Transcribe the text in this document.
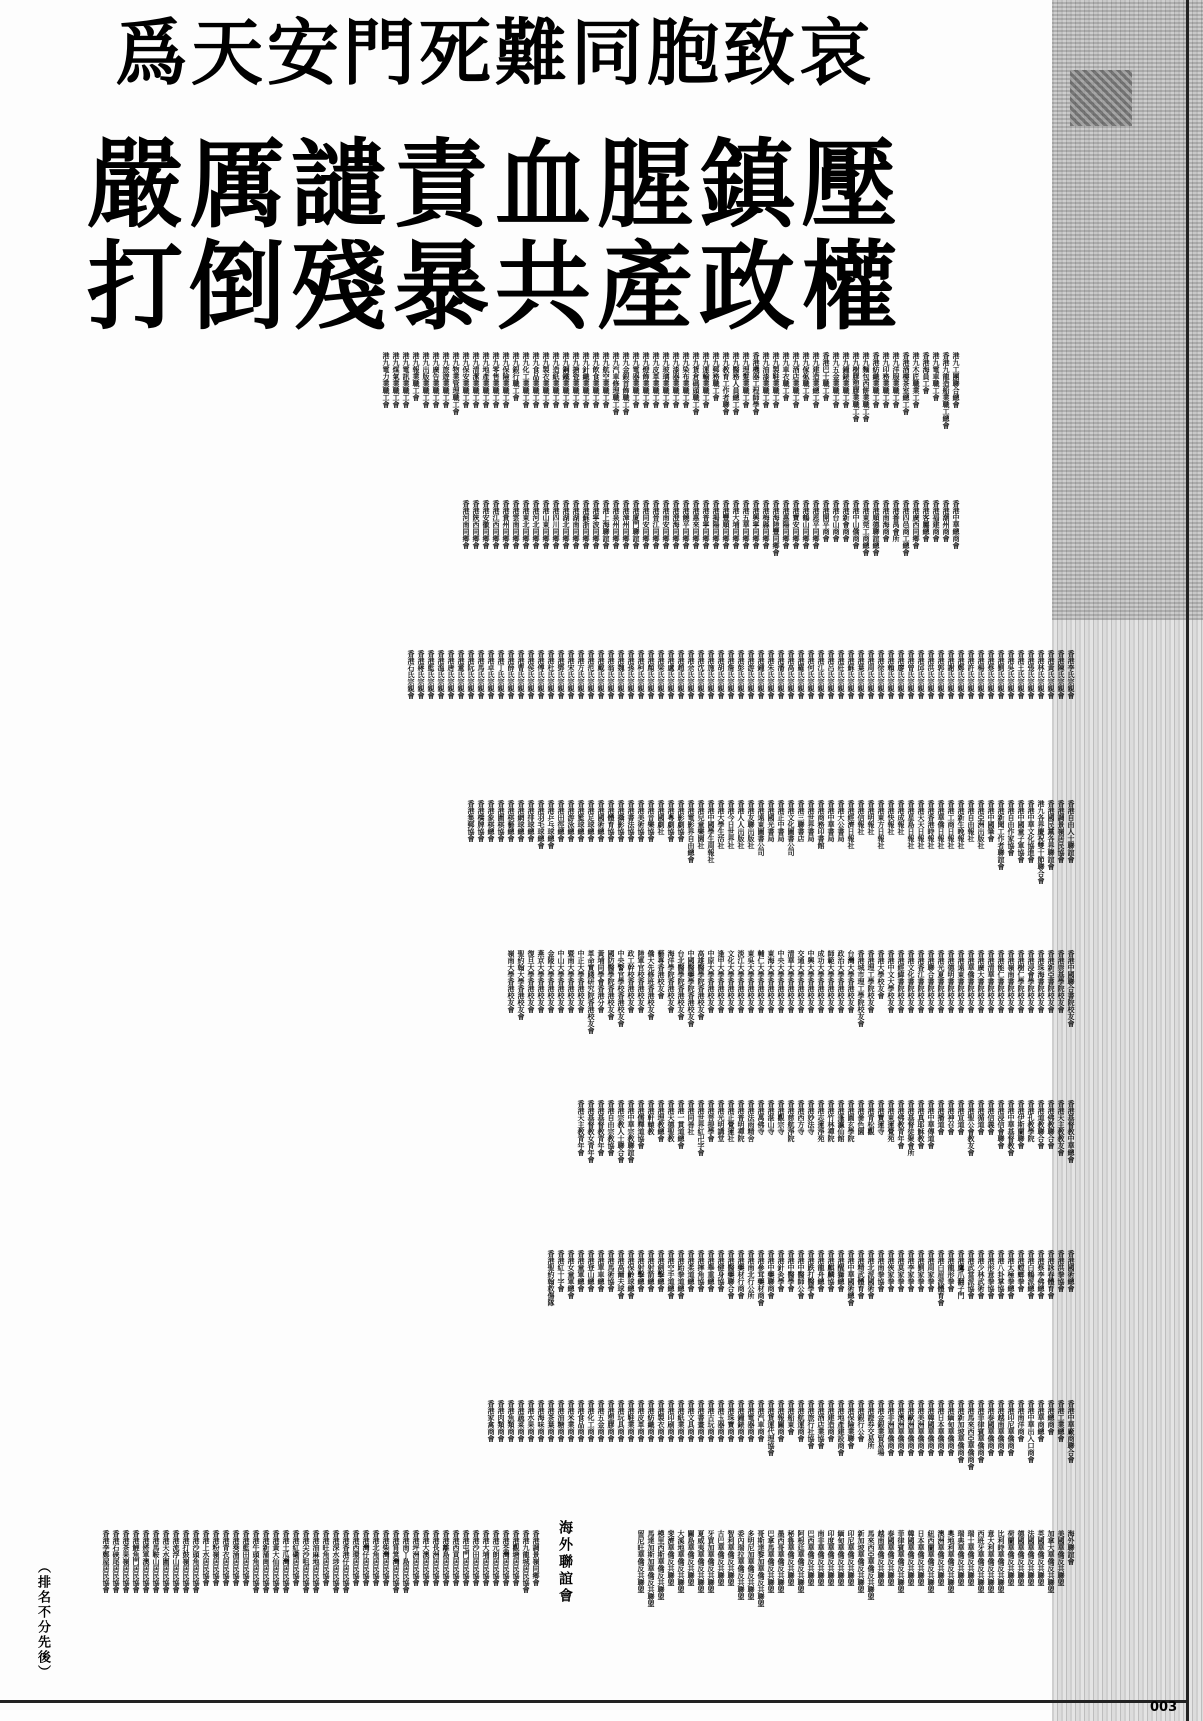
爲天安門死難同胞致哀
嚴厲譴責血腥鎮壓
打倒殘暴共產政權
港九工團聯合總會
香港九龍造船業職工總會
港九電車職工會
香港海員工會
港九木匠職業工會
香港酒樓茶室總工會
港九洋服業職工會
港九印務業職工會
香港紡織業職工會
港九麵包西餅業職工會
港九樹膠塑膠業職工會
港九鐘錶業職工會
港九五金業職工會
香港巴士職工會
港九建造業總工會
港九傢俬職工會
港九酒店業職工會
港九車衣職工會
港九製鞋業職工會
港九油漆業職工會
香港機器工程師學會
港九理髮業職工會
港九醫務人員總工會
港九教育工作者聯會
港九郵務職工會
港九運輸業職工會
港九貨倉碼頭職工會
港九染布業職工會
港九漆器業職工會
港九玻璃業職工會
港九皮革業職工會
港九燈飾業職工會
港九電器業職工會
港九金銀首飾職工會
港九汽車修理職工會
港九航空業職工會
港九飲食業職工會
港九針織業職工會
港九搪瓷業職工會
港九鋼鐵業職工會
港九造紙業職工會
港九製衣業職工會
港九食品業職工會
港九化工業職工會
港九銀行職工會
港九保險業職工會
港九零售業職工會
港九地產業職工會
港九清潔業職工會
港九保安業職工會
港九物業管理職工會
港九旅遊業職工會
港九廣告業職工會
港九出版業職工會
港九報業職工會
港九電訊業職工會
港九煤氣業職工會
港九電力業職工會
香港中華總商會
香港潮州商會
香港福建商會
香港客屬總會
香港廣西同鄉會
香港四邑商工總會
香港番禺會所
香港南海商會
香港順德聯誼總會
香港東莞工商總會
香港中山僑商會
香港新會商會
香港台山商會
香港開平商會
香港恩平同鄉會
香港鶴山同鄉會
香港寶安同鄉會
香港惠陽同鄉會
香港海陸豐同鄉會
香港梅縣同鄉會
香港興寧同鄉會
香港五華同鄉會
香港大埔同鄉會
香港豐順同鄉會
香港揭陽同鄉會
香港普寧同鄉會
香港惠來同鄉會
香港饒平同鄉會
香港澄海同鄉會
香港南安同鄉會
香港晉江同鄉會
香港同安同鄉會
香港廈門聯誼會
香港漳州同鄉會
香港泉州同鄉會
香港上海聯誼會
香港寧波同鄉會
香港蘇浙同鄉會
香港湖南同鄉會
香港湖北同鄉會
香港四川同鄉會
香港山東同鄉會
香港河北同鄉會
香港東北同鄉會
香港雲南同鄉會
香港貴州同鄉會
香港江西同鄉會
香港安徽同鄉會
香港陝西同鄉會
香港河南同鄉會
香港李氏宗親會
香港陳氏宗親會
香港黃氏宗親會
香港林氏宗親會
香港張氏宗親會
香港王氏宗親會
香港吳氏宗親會
香港劉氏宗親會
香港蔡氏宗親會
香港楊氏宗親會
香港許氏宗親會
香港鄭氏宗親會
香港謝氏宗親會
香港郭氏宗親會
香港洪氏宗親會
香港邱氏宗親會
香港曾氏宗親會
香港廖氏宗親會
香港賴氏宗親會
香港徐氏宗親會
香港周氏宗親會
香港葉氏宗親會
香港蘇氏宗親會
香港莊氏宗親會
香港呂氏宗親會
香港江氏宗親會
香港何氏宗親會
香港羅氏宗親會
香港高氏宗親會
香港潘氏宗親會
香港朱氏宗親會
香港鍾氏宗親會
香港游氏宗親會
香港彭氏宗親會
香港詹氏宗親會
香港胡氏宗親會
香港施氏宗親會
香港沈氏宗親會
香港余氏宗親會
香港趙氏宗親會
香港盧氏宗親會
香港梁氏宗親會
香港顏氏宗親會
香港柯氏宗親會
香港孫氏宗親會
香港魏氏宗親會
香港翁氏宗親會
香港戴氏宗親會
香港范氏宗親會
香港方氏宗親會
香港宋氏宗親會
香港鄧氏宗親會
香港杜氏宗親會
香港傅氏宗親會
香港侯氏宗親會
香港曹氏宗親會
香港薛氏宗親會
香港丁氏宗親會
香港卓氏宗親會
香港馬氏宗親會
香港阮氏宗親會
香港董氏宗親會
香港唐氏宗親會
香港溫氏宗親會
香港藍氏宗親會
香港蔣氏宗親會
香港石氏宗親會
香港自由人士聯誼會
香港調景嶺居民協會
香港國民黨各界聯誼會
港九各界慶祝雙十節聯合會
香港中華文化協進會
香港中國童子軍協會
香港自由作家協會
香港新聞工作者聯誼會
香港中國筆會
香港亞洲出版社
香港自由報社
香港新生晚報社
香港工商日報社
香港華僑日報社
香港香港時報社
香港天天日報社
香港星島日報社
香港成報社
香港快報社
香港東方日報社
香港明報社
香港信報社
香港經濟日報社
香港大公書局
香港中華書局
香港商務印書館
香港世界書局
香港三聯書店
香港文化圖書公司
香港正中書局
香港國光書局
香港遠東圖書公司
香港友聯出版社
香港人人出版社
香港今日世界社
香港大學生活社
香港中國學生周報社
香港兒童樂園社
香港電影界自由總會
香港影劇協會
香港粵劇協會
香港國劇社
香港音樂協會
香港美術協會
香港書法協會
香港攝影協會
香港體育協會
香港國術總會
香港足球總會
香港籃球總會
香港游泳總會
香港田徑總會
香港乒乓球總會
香港羽毛球總會
香港排球總會
香港網球總會
香港棋藝總會
香港圍棋協會
香港象棋總會
香港橋牌協會
香港集郵協會
香港中國聯合書院校友會
香港崇基學院校友會
香港新亞書院校友會
香港珠海書院校友會
香港浸會學院校友會
香港樹仁學院校友會
香港嶺南書院校友會
香港能仁書院校友會
香港清華書院校友會
香港廣大書院校友會
香港華僑書院校友會
香港遠東書院校友會
香港德明書院校友會
香港光夏書院校友會
香港聯合書院校友會
香港香江書院校友會
香港文化書院校友會
香港經緯書院校友會
香港中文大學校友會
香港大學校友會
香港理工學院校友會
香港城市理工學院校友會
台灣大學香港校友會
政治大學香港校友會
師範大學香港校友會
成功大學香港校友會
中興大學香港校友會
交通大學香港校友會
清華大學香港校友會
中央大學香港校友會
東海大學香港校友會
輔仁大學香港校友會
東吳大學香港校友會
淡江大學香港校友會
文化大學香港校友會
逢甲大學香港校友會
中原大學香港校友會
高雄醫學院香港校友會
中國醫藥學院香港校友會
台北醫學院香港校友會
海洋學院香港校友會
藝專香港校友會
僑大先修班香港校友會
陸軍官校香港校友會
政工幹校香港校友會
中央警官學校香港校友會
國防醫學院香港校友會
黃埔同學會香港分會
革命實踐研究院香港校友會
中正大學香港校友會
暨南大學香港校友會
中山大學香港校友會
金陵大學香港校友會
燕京大學香港校友會
復旦大學香港校友會
聖約翰大學香港校友會
嶺南大學香港校友會
香港基督教中華總會
香港天主教教友會
香港佛教聯合會
香港道教聯合會
香港孔教學院
香港伊斯蘭聯會
香港中華基督教會
香港浸信會聯會
香港信義會
香港循道會
香港聖公會教友會
香港宣道會
香港神召會
香港播道會
香港中華傳道會
香港真耶穌教會
香港基督徒聚會所
香港佛教青年會
香港東蓮覺苑
香港寶蓮寺
香港青松觀
香港嗇色園
香港圓玄學院
香港蓬瀛仙館
香港竹林禪院
香港志蓮淨苑
香港妙法寺
香港西方寺
香港慈航淨院
香港觀宗寺
香港湛山寺
香港萬佛寺
香港法雨精舍
香港普明禪院
香港正覺蓮社
香港光明講堂
香港菩提學會
香港世界紅卍字會
香港同善社
香港一貫道總會
香港天德聖教
香港理教總會
香港軒轅教
香港儒釋道協會
香港中華宗教聯誼會
香港宗教人士聯合會
香港自由宗教協會
香港基督教青年會
香港基督教女青年會
香港天主教青年會
香港國術總會
香港洪拳協會
香港詠春體育會
香港蔡李佛總會
香港白鶴派總會
香港螳螂拳會
香港太極拳總會
香港八卦掌協會
香港形意拳協會
香港少林武術會
香港武當派協會
香港鷹爪翻子門
香港龍形拳會
香港白眉派體育會
香港周家拳會
香港劉家拳會
香港李家拳會
香港莫家拳會
香港俠家拳會
香港南拳協會
香港北派國術會
香港精武體育會
香港中華國術總會
香港醒獅總會
香港麒麟協會
香港龍舟總會
香港跌打醫學會
香港中醫師公會
香港中醫學會
香港針灸學會
香港中藥聯商會
香港參茸藥材商會
香港南北行公所
香港藥材行商會
香港醫藥聯合會
香港健身協會
香港舉重總會
香港摔角協會
香港柔道總會
香港跆拳道總會
香港空手道總會
香港劍擊總會
香港射箭總會
香港射擊總會
香港保齡球總會
香港高爾夫球會
香港馬術協會
香港單車總會
香港登山總會
香港童軍總會
香港女童軍總會
香港紅十字會
香港聖約翰救傷隊
香港中華廠商聯合會
香港工業總會
香港總商會
香港華商總會
香港中華出入口商會
香港南洋商會
香港印尼華僑商會
香港越南華僑商會
香港泰國華僑商會
香港菲律賓華僑商會
香港馬來西亞華僑商會
香港新加坡華僑商會
香港緬甸華僑商會
香港日本華僑商會
香港韓國華僑商會
香港美洲華僑商會
香港歐洲華僑商會
香港澳洲華僑商會
香港非洲華僑商會
香港金銀業貿易場
香港證券交易所
香港銀行公會
香港保險業聯會
香港地產建設商會
香港建造商會
香港酒店業協會
香港旅行社協會
香港航運商會
香港船東會
香港報關商會
香港貨運代理協會
香港汽車商會
香港電器商會
香港鐘錶商會
香港珠寶商會
香港玉器商會
香港古玩商會
香港書畫商會
香港文具商會
香港紙業商會
香港印刷商會
香港製衣商會
香港紡織商會
香港皮革商會
香港鞋業商會
香港玩具商會
香港塑膠商會
香港五金商會
香港化工商會
香港食品商會
香港米業商會
香港油糖商會
香港茶葉商會
香港海味商會
香港水果商會
香港蔬菜商會
香港魚類商會
香港肉類商會
香港家禽商會
海外聯誼會
美國華僑反共聯盟
加拿大華僑反共聯盟
英國華僑反共聯盟
法國華僑反共聯盟
德國華僑反共聯盟
荷蘭華僑反共聯盟
比利時華僑反共聯盟
意大利華僑反共聯盟
西班牙華僑反共聯盟
瑞士華僑反共聯盟
瑞典華僑反共聯盟
奧地利華僑反共聯盟
澳洲華僑反共聯盟
紐西蘭華僑反共聯盟
日本華僑反共聯盟
韓國華僑反共聯盟
菲律賓華僑反共聯盟
泰國華僑反共聯盟
越南華僑反共聯盟
馬來西亞華僑反共聯盟
新加坡華僑反共聯盟
印尼華僑反共聯盟
緬甸華僑反共聯盟
印度華僑反共聯盟
南非華僑反共聯盟
巴西華僑反共聯盟
阿根廷華僑反共聯盟
秘魯華僑反共聯盟
墨西哥華僑反共聯盟
巴拿馬華僑反共聯盟
哥斯達黎加華僑反共聯盟
多明尼加華僑反共聯盟
委內瑞拉華僑反共聯盟
智利華僑反共聯盟
古巴華僑反共聯盟
牙買加華僑反共聯盟
夏威夷華僑反共聯盟
關島華僑反共聯盟
大溪地華僑反共聯盟
斐濟華僑反共聯盟
模里西斯華僑反共聯盟
馬達加斯加華僑反共聯盟
留尼旺華僑反共聯盟
香港調景嶺同鄉會
香港九龍城居民協會
香港觀塘居民協會
香港荃灣居民協會
香港元朗居民協會
香港大埔居民協會
香港沙田居民協會
香港屯門居民協會
香港西貢居民協會
香港離島居民協會
香港長洲居民協會
香港大澳居民協會
香港坪洲居民協會
香港南丫島居民協會
香港筲箕灣居民協會
香港柴灣居民協會
香港北角居民協會
香港灣仔居民協會
香港西環居民協會
香港香港仔居民協會
香港深水埗居民協會
香港旺角居民協會
香港油麻地居民協會
香港尖沙咀居民協會
香港紅磡居民協會
香港土瓜灣居民協會
香港黃大仙居民協會
香港新蒲崗居民協會
香港牛頭角居民協會
香港藍田居民協會
香港葵涌居民協會
香港青衣居民協會
香港粉嶺居民協會
香港上水居民協會
香港沙頭角居民協會
香港打鼓嶺居民協會
香港流浮山居民協會
香港天水圍居民協會
香港馬鞍山居民協會
香港將軍澳居民協會
香港鯉魚門居民協會
香港茶果嶺居民協會
香港石硤尾居民協會
香港李鄭屋居民協會	海外聯誼會
（排名不分先後）
003
